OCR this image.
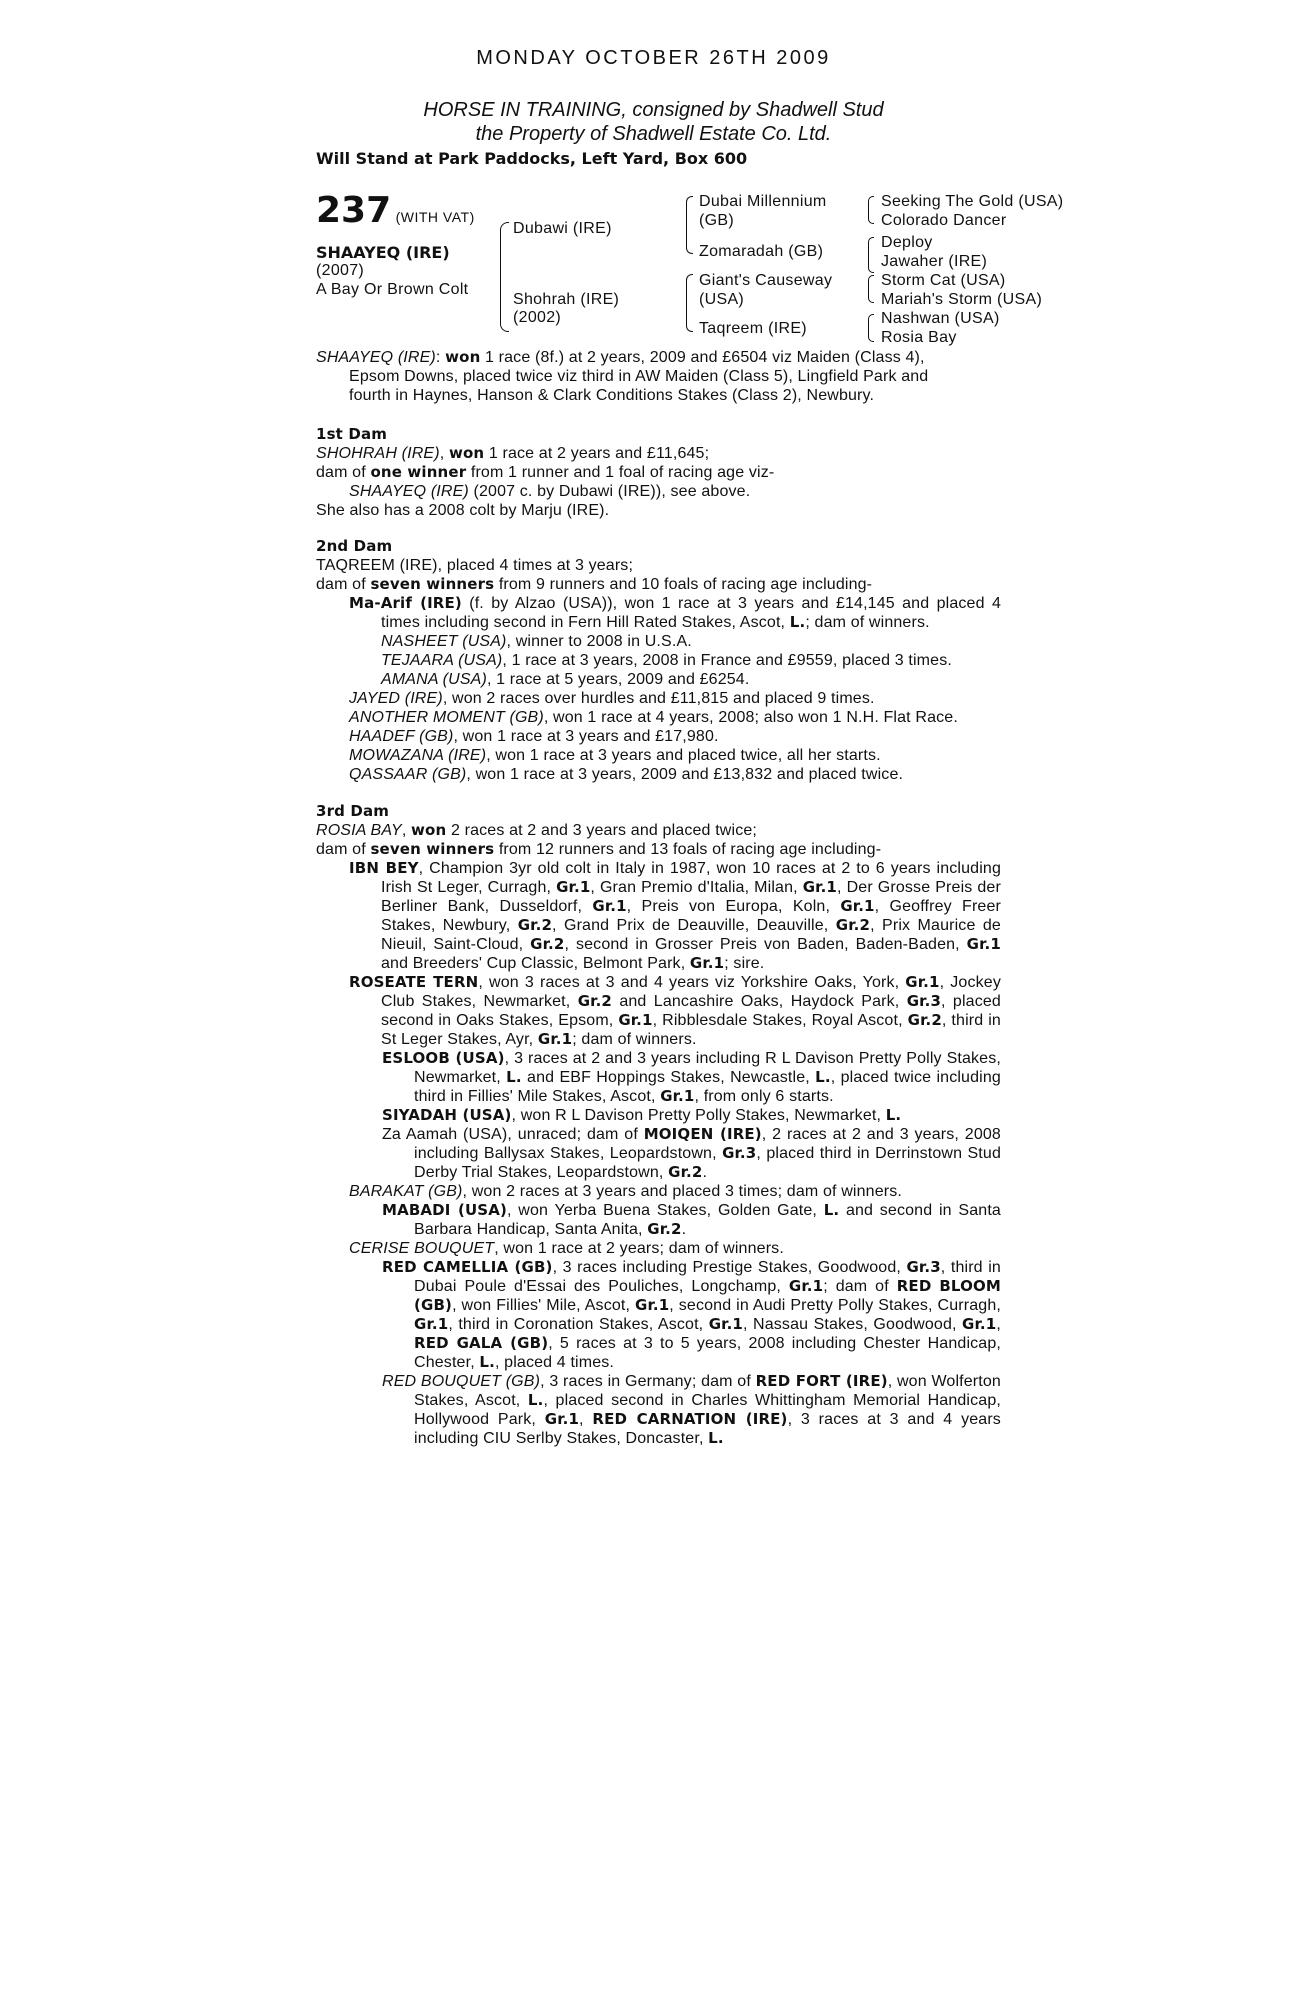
MONDAY OCTOBER 26TH 2009
HORSE IN TRAINING, consigned by Shadwell Stud
the Property of Shadwell Estate Co. Ltd.
Will Stand at Park Paddocks, Left Yard, Box 600
237 (WITH VAT)
SHAAYEQ (IRE)
(2007)
A Bay Or Brown Colt
Dubawi (IRE)
Shohrah (IRE)
(2002)
Dubai Millennium
(GB)
Zomaradah (GB)
Giant's Causeway
(USA)
Taqreem (IRE)
Seeking The Gold (USA)
Colorado Dancer
Deploy
Jawaher (IRE)
Storm Cat (USA)
Mariah's Storm (USA)
Nashwan (USA)
Rosia Bay
SHAAYEQ (IRE): won 1 race (8f.) at 2 years, 2009 and £6504 viz Maiden (Class 4),
Epsom Downs, placed twice viz third in AW Maiden (Class 5), Lingfield Park and
fourth in Haynes, Hanson & Clark Conditions Stakes (Class 2), Newbury.
1st Dam
SHOHRAH (IRE), won 1 race at 2 years and £11,645;
dam of one winner from 1 runner and 1 foal of racing age viz-
SHAAYEQ (IRE) (2007 c. by Dubawi (IRE)), see above.
She also has a 2008 colt by Marju (IRE).
2nd Dam
TAQREEM (IRE), placed 4 times at 3 years;
dam of seven winners from 9 runners and 10 foals of racing age including-
Ma-Arif (IRE) (f. by Alzao (USA)), won 1 race at 3 years and £14,145 and placed 4 times including second in Fern Hill Rated Stakes, Ascot, L.; dam of winners.
NASHEET (USA), winner to 2008 in U.S.A.
TEJAARA (USA), 1 race at 3 years, 2008 in France and £9559, placed 3 times.
AMANA (USA), 1 race at 5 years, 2009 and £6254.
JAYED (IRE), won 2 races over hurdles and £11,815 and placed 9 times.
ANOTHER MOMENT (GB), won 1 race at 4 years, 2008; also won 1 N.H. Flat Race.
HAADEF (GB), won 1 race at 3 years and £17,980.
MOWAZANA (IRE), won 1 race at 3 years and placed twice, all her starts.
QASSAAR (GB), won 1 race at 3 years, 2009 and £13,832 and placed twice.
3rd Dam
ROSIA BAY, won 2 races at 2 and 3 years and placed twice;
dam of seven winners from 12 runners and 13 foals of racing age including-
IBN BEY, Champion 3yr old colt in Italy in 1987, won 10 races at 2 to 6 years including Irish St Leger, Curragh, Gr.1, Gran Premio d'Italia, Milan, Gr.1, Der Grosse Preis der Berliner Bank, Dusseldorf, Gr.1, Preis von Europa, Koln, Gr.1, Geoffrey Freer Stakes, Newbury, Gr.2, Grand Prix de Deauville, Deauville, Gr.2, Prix Maurice de Nieuil, Saint-Cloud, Gr.2, second in Grosser Preis von Baden, Baden-Baden, Gr.1 and Breeders' Cup Classic, Belmont Park, Gr.1; sire.
ROSEATE TERN, won 3 races at 3 and 4 years viz Yorkshire Oaks, York, Gr.1, Jockey Club Stakes, Newmarket, Gr.2 and Lancashire Oaks, Haydock Park, Gr.3, placed second in Oaks Stakes, Epsom, Gr.1, Ribblesdale Stakes, Royal Ascot, Gr.2, third in St Leger Stakes, Ayr, Gr.1; dam of winners.
ESLOOB (USA), 3 races at 2 and 3 years including R L Davison Pretty Polly Stakes, Newmarket, L. and EBF Hoppings Stakes, Newcastle, L., placed twice including third in Fillies' Mile Stakes, Ascot, Gr.1, from only 6 starts.
SIYADAH (USA), won R L Davison Pretty Polly Stakes, Newmarket, L.
Za Aamah (USA), unraced; dam of MOIQEN (IRE), 2 races at 2 and 3 years, 2008 including Ballysax Stakes, Leopardstown, Gr.3, placed third in Derrinstown Stud Derby Trial Stakes, Leopardstown, Gr.2.
BARAKAT (GB), won 2 races at 3 years and placed 3 times; dam of winners.
MABADI (USA), won Yerba Buena Stakes, Golden Gate, L. and second in Santa Barbara Handicap, Santa Anita, Gr.2.
CERISE BOUQUET, won 1 race at 2 years; dam of winners.
RED CAMELLIA (GB), 3 races including Prestige Stakes, Goodwood, Gr.3, third in Dubai Poule d'Essai des Pouliches, Longchamp, Gr.1; dam of RED BLOOM (GB), won Fillies' Mile, Ascot, Gr.1, second in Audi Pretty Polly Stakes, Curragh, Gr.1, third in Coronation Stakes, Ascot, Gr.1, Nassau Stakes, Goodwood, Gr.1, RED GALA (GB), 5 races at 3 to 5 years, 2008 including Chester Handicap, Chester, L., placed 4 times.
RED BOUQUET (GB), 3 races in Germany; dam of RED FORT (IRE), won Wolferton Stakes, Ascot, L., placed second in Charles Whittingham Memorial Handicap, Hollywood Park, Gr.1, RED CARNATION (IRE), 3 races at 3 and 4 years including CIU Serlby Stakes, Doncaster, L.
